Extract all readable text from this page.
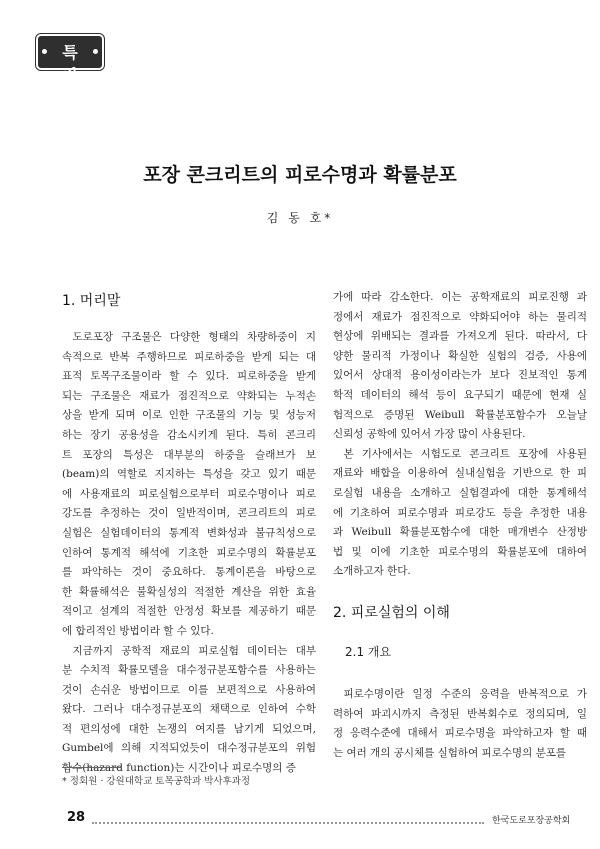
특 집
포장 콘크리트의 피로수명과 확률분포
김 동 호*
1. 머리말
도로포장 구조물은 다양한 형태의 차량하중이 지
속적으로 반복 주행하므로 피로하중을 받게 되는 대
표적 토목구조물이라 할 수 있다. 피로하중을 받게
되는 구조물은 재료가 점진적으로 약화되는 누적손
상을 받게 되며 이로 인한 구조물의 기능 및 성능저
하는 장기 공용성을 감소시키게 된다. 특히 콘크리
트 포장의 특성은 대부분의 하중을 슬래브가 보
(beam)의 역할로 지지하는 특성을 갖고 있기 때문
에 사용재료의 피로실험으로부터 피로수명이나 피로
강도를 추정하는 것이 일반적이며, 콘크리트의 피로
실험은 실험데이터의 통계적 변화성과 불규칙성으로
인하여 통계적 해석에 기초한 피로수명의 확률분포
를 파악하는 것이 중요하다. 통계이론을 바탕으로
한 확률해석은 불확실성의 적절한 계산을 위한 효율
적이고 설계의 적절한 안정성 확보를 제공하기 때문
에 합리적인 방법이라 할 수 있다.
지금까지 공학적 재료의 피로실험 데이터는 대부
분 수치적 확률모델을 대수정규분포함수를 사용하는
것이 손쉬운 방법이므로 이를 보편적으로 사용하여
왔다. 그러나 대수정규분포의 채택으로 인하여 수학
적 편의성에 대한 논쟁의 여지를 남기게 되었으며,
Gumbel에 의해 지적되었듯이 대수정규분포의 위험
함수(hazard function)는 시간이나 피로수명의 증
가에 따라 감소한다. 이는 공학재료의 피로진행 과
정에서 재료가 점진적으로 약화되어야 하는 물리적
현상에 위배되는 결과를 가져오게 된다. 따라서, 다
양한 물리적 가정이나 확실한 실험의 검증, 사용에
있어서 상대적 용이성이라는가 보다 진보적인 통계
학적 데이터의 해석 등이 요구되기 때문에 현재 실
험적으로 증명된 Weibull 확률분포함수가 오늘날
신뢰성 공학에 있어서 가장 많이 사용된다.
본 기사에서는 시험도로 콘크리트 포장에 사용된
재료와 배합을 이용하여 실내실험을 기반으로 한 피
로실험 내용을 소개하고 실험결과에 대한 통계해석
에 기초하여 피로수명과 피로강도 등을 추정한 내용
과 Weibull 확률분포함수에 대한 매개변수 산정방
법 및 이에 기초한 피로수명의 확률분포에 대하여
소개하고자 한다.
2. 피로실험의 이해
2.1 개요
피로수명이란 일정 수준의 응력을 반복적으로 가
력하여 파괴시까지 측정된 반복회수로 정의되며, 일
정 응력수준에 대해서 피로수명을 파악하고자 할 때
는 여러 개의 공시체를 실험하여 피로수명의 분포를
* 정회원 · 강원대학교 토목공학과 박사후과정
28	한국도로포장공학회
